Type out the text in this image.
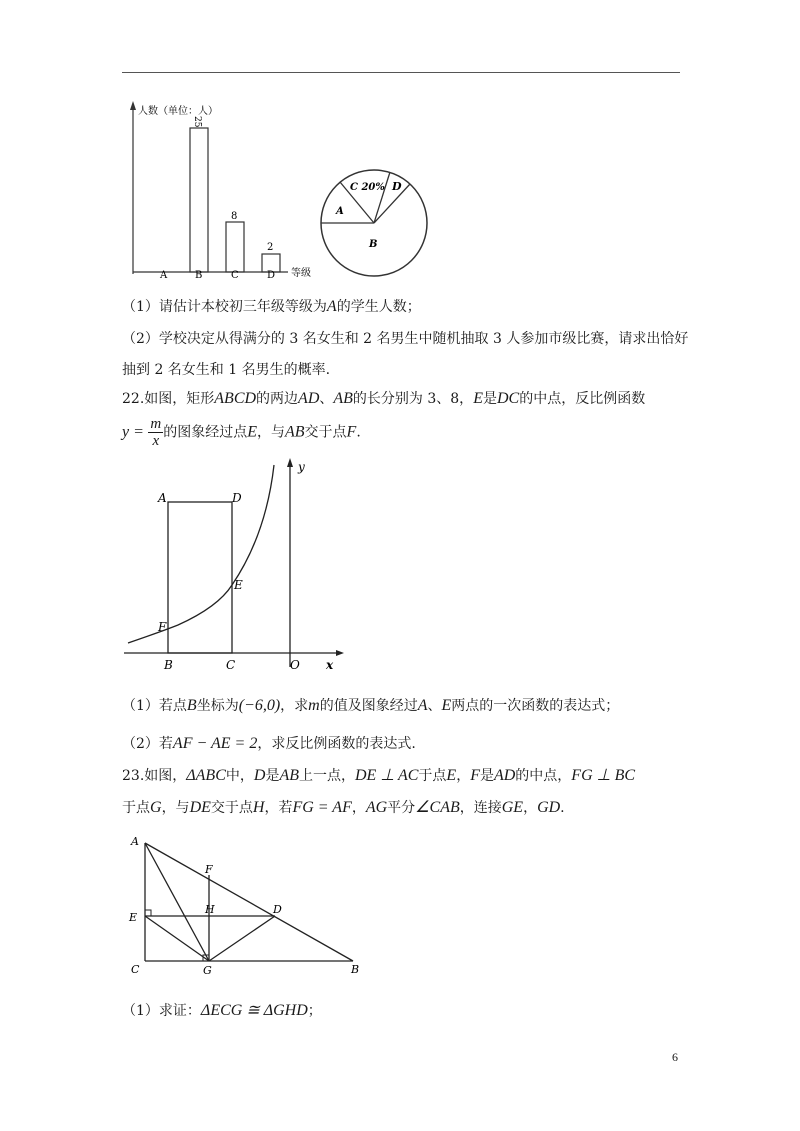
人数（单位：人）
等级
25
8
2
A	B	C	D
C 20% D
A
B
（1）请估计本校初三年级等级为A的学生人数；
（2）学校决定从得满分的 3 名女生和 2 名男生中随机抽取 3 人参加市级比赛，请求出恰好
抽到 2 名女生和 1 名男生的概率.
22.如图，矩形ABCD的两边AD、AB的长分别为 3、8，E是DC的中点，反比例函数
$y = \frac{m}{x}$ 的图象经过点E，与AB交于点F.
A	D
E
F
B	C	O x
y
（1）若点B坐标为(−6,0)，求m的值及图象经过A、E两点的一次函数的表达式；
（2）若AF − AE = 2，求反比例函数的表达式.
23.如图，ΔABC中，D是AB上一点，DE ⊥ AC于点E，F是AD的中点，FG ⊥ BC
于点G，与DE交于点H，若FG = AF，AG平分∠CAB，连接GE，GD.
A
F
E
H	D
C	G	B
（1）求证：ΔECG ≅ ΔGHD；
6
